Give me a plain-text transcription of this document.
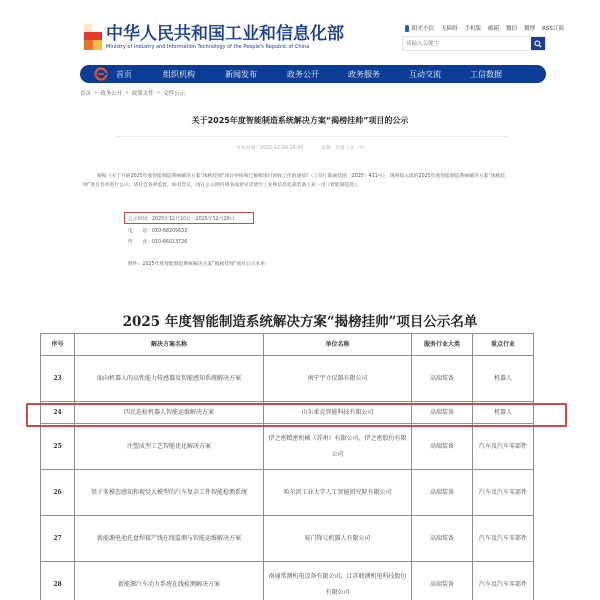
中华人民共和国工业和信息化部
Ministry of Industry and Information Technology of the People's Republic of China
阳光小信 无障碍 手机版 邮箱 微信 微博 RSS订阅
请输入关键字
首页	组织机构	新闻发布	政务公开	政务服务	互动交流	工信数据
首页 » 政务公开 » 政策文件 » 文件公示
关于2025年度智能制造系统解决方案“揭榜挂帅”项目的公示
发布时间：2025-12-09 19:30	来源：装备工业一司
根据《关于开展2025年度智能制造系统解决方案“揭榜挂帅”项目申报和已揭榜项目验收工作的通知》（工信厅联通装函〔2025〕411号），现将拟入选的2025年度智能制造系统解决方案“揭榜挂帅”项目名单进行公示。请社会各界监督，如有异议，请在公示期内将书面意见反馈至工业和信息化部装备工业一司（智能制造处）。
公示时间：2025年12月10日－2025年12月16日
电　　话：010-68205633
传　　真：010-66013726
附件：2025年度智能制造系统解决方案“揭榜挂帅”项目公示名单
2025 年度智能制造系统解决方案“揭榜挂帅”项目公示名单
序号	解决方案名称	单位名称	服务行业大类	重点行业
23	面向机器人的高性能力传感器及智能感知系统解决方案	南宁宇立仪器有限公司	高端装备	机器人
24	四足巡检机器人智能运维解决方案	山东柔克智能科技有限公司	高端装备	机器人
25	注塑成型工艺智能优化解决方案	伊之密精密机械（苏州）有限公司、伊之密股份有限公司	高端装备	汽车及汽车零部件
26	基于多模态感知和视觉大模型的汽车复杂工件智能检测系统	哈尔滨工业大学人工智能研究院有限公司	高端装备	汽车及汽车零部件
27	新能源电池托盘焊接产线在线监测与智能运维解决方案	厦门锋元机器人有限公司	高端装备	汽车及汽车零部件
28	新能源汽车动力系统在线检测解决方案	南通常测机电设备有限公司、江苏联测机电科技股份有限公司	高端装备	汽车及汽车零部件
